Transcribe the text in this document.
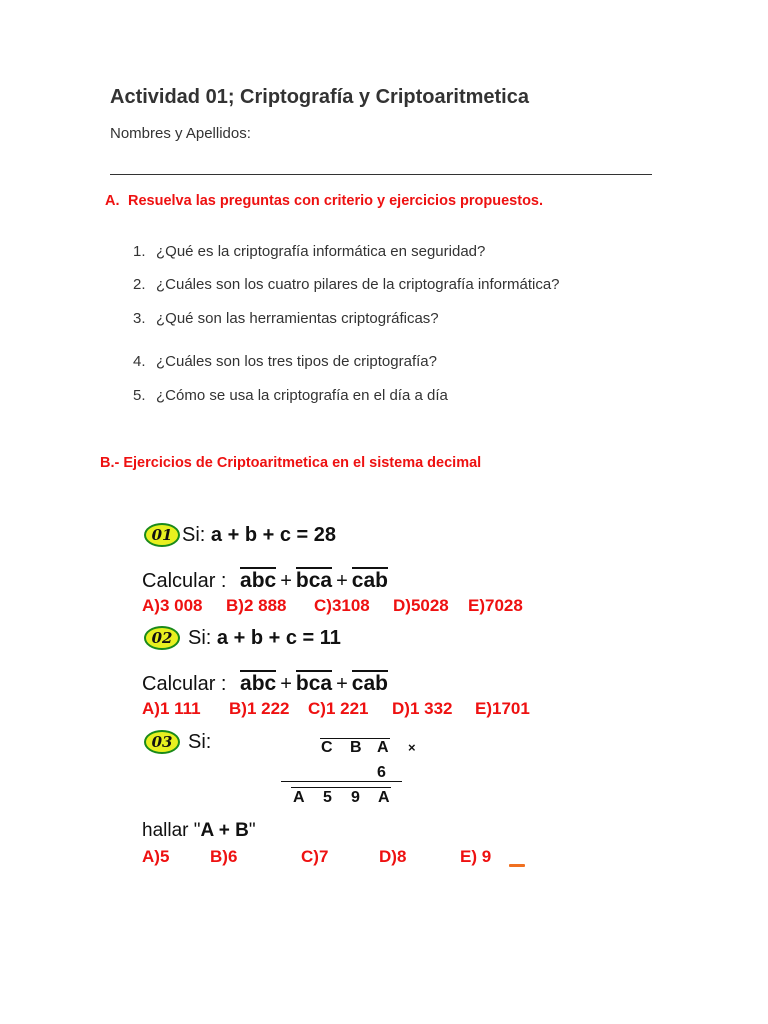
Actividad 01; Criptografía y Criptoaritmetica
Nombres y Apellidos:
A. Resuelva las preguntas con criterio y ejercicios propuestos.
1. ¿Qué es la criptografía informática en seguridad?
2. ¿Cuáles son los cuatro pilares de la criptografía informática?
3. ¿Qué son las herramientas criptográficas?
4. ¿Cuáles son los tres tipos de criptografía?
5. ¿Cómo se usa la criptografía en el día a día
B.- Ejercicios de Criptoaritmetica en el sistema decimal
01 Si: a + b + c = 28
Calcular : abc + bca + cab
A)3 008 B)2 888 C)3108 D)5028 E)7028
02 Si: a + b + c = 11
Calcular : abc + bca + cab
A)1 111 B)1 222 C)1 221 D)1 332 E)1701
03 Si:	C B A ×
6
A 5 9 A
hallar "A + B"
A)5 B)6	C)7	D)8	E) 9
